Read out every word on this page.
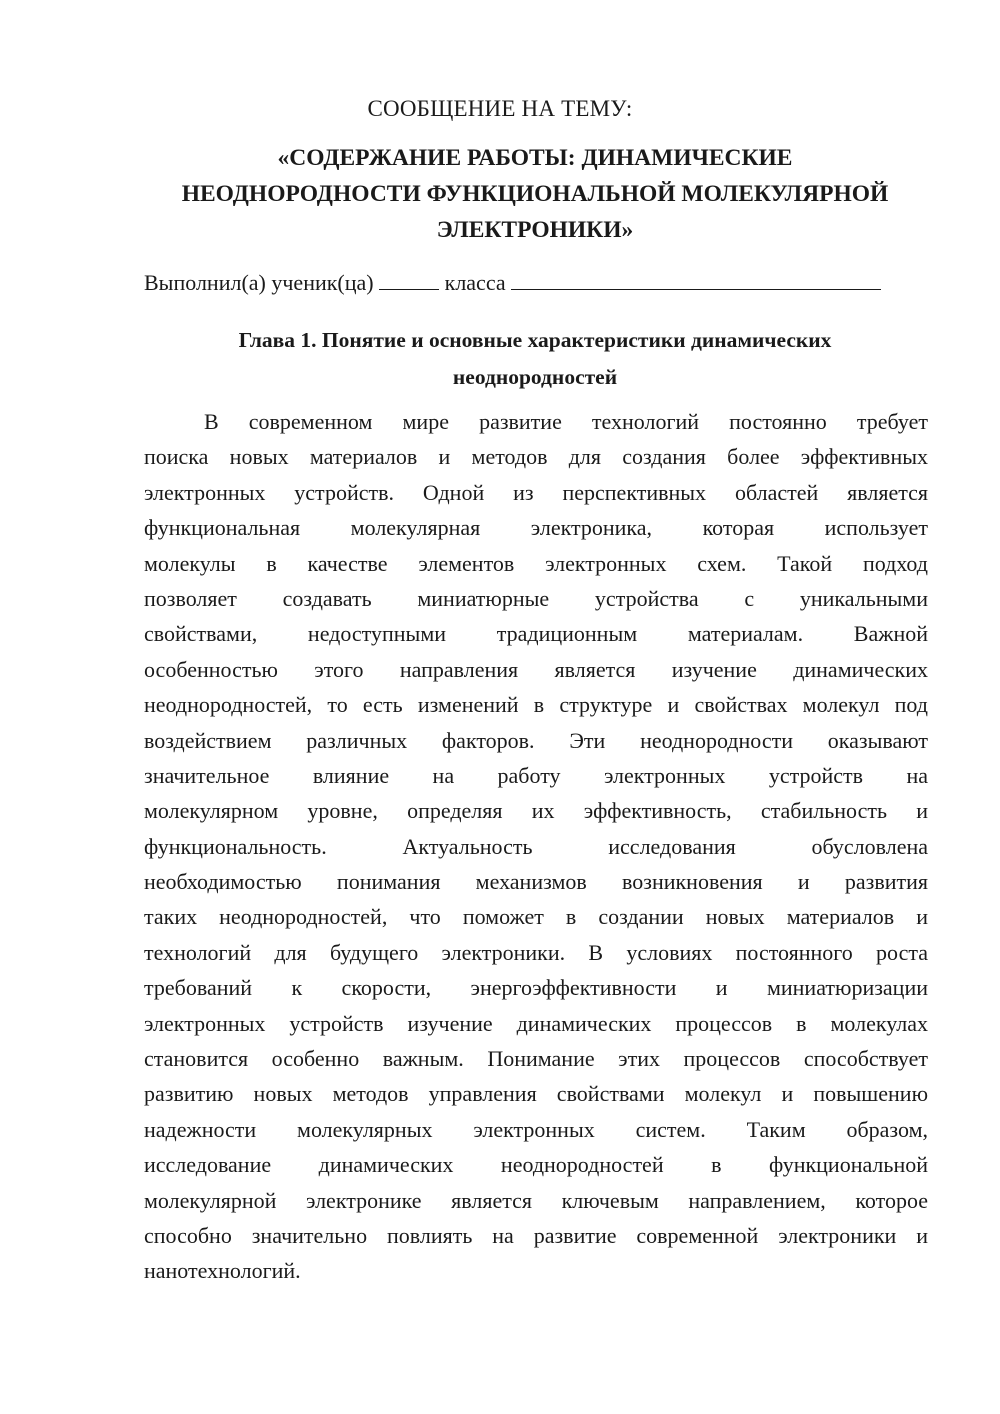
СООБЩЕНИЕ НА ТЕМУ:
«СОДЕРЖАНИЕ РАБОТЫ: ДИНАМИЧЕСКИЕ
НЕОДНОРОДНОСТИ ФУНКЦИОНАЛЬНОЙ МОЛЕКУЛЯРНОЙ
ЭЛЕКТРОНИКИ»
Выполнил(а) ученик(ца)	класса
Глава 1. Понятие и основные характеристики динамических
неоднородностей
В современном мире развитие технологий постоянно требует
поиска новых материалов и методов для создания более эффективных
электронных устройств. Одной из перспективных областей является
функциональная молекулярная электроника, которая использует
молекулы в качестве элементов электронных схем. Такой подход
позволяет создавать миниатюрные устройства с уникальными
свойствами, недоступными традиционным материалам. Важной
особенностью этого направления является изучение динамических
неоднородностей, то есть изменений в структуре и свойствах молекул под
воздействием различных факторов. Эти неоднородности оказывают
значительное влияние на работу электронных устройств на
молекулярном уровне, определяя их эффективность, стабильность и
функциональность. Актуальность исследования обусловлена
необходимостью понимания механизмов возникновения и развития
таких неоднородностей, что поможет в создании новых материалов и
технологий для будущего электроники. В условиях постоянного роста
требований к скорости, энергоэффективности и миниатюризации
электронных устройств изучение динамических процессов в молекулах
становится особенно важным. Понимание этих процессов способствует
развитию новых методов управления свойствами молекул и повышению
надежности молекулярных электронных систем. Таким образом,
исследование динамических неоднородностей в функциональной
молекулярной электронике является ключевым направлением, которое
способно значительно повлиять на развитие современной электроники и
нанотехнологий.
